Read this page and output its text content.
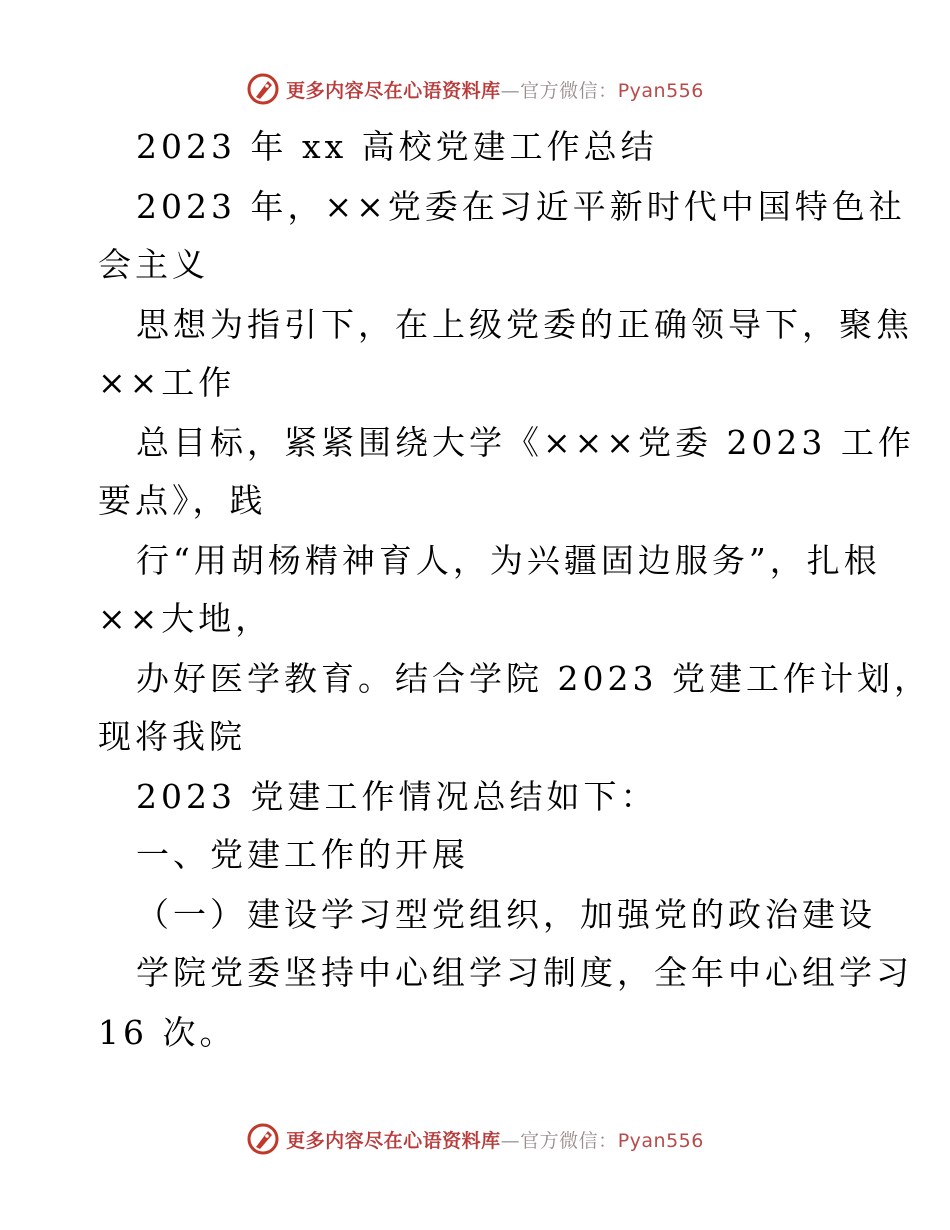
更多内容尽在心语资料库—官方微信：Pyan556
2023 年 xx 高校党建工作总结
2023 年，××党委在习近平新时代中国特色社
会主义
思想为指引下，在上级党委的正确领导下，聚焦
××工作
总目标，紧紧围绕大学《×××党委 2023 工作
要点》，践
行“用胡杨精神育人，为兴疆固边服务”，扎根
××大地，
办好医学教育。结合学院 2023 党建工作计划，
现将我院
2023 党建工作情况总结如下：
一、党建工作的开展
（一）建设学习型党组织，加强党的政治建设
学院党委坚持中心组学习制度，全年中心组学习
16 次。
更多内容尽在心语资料库—官方微信：Pyan556
